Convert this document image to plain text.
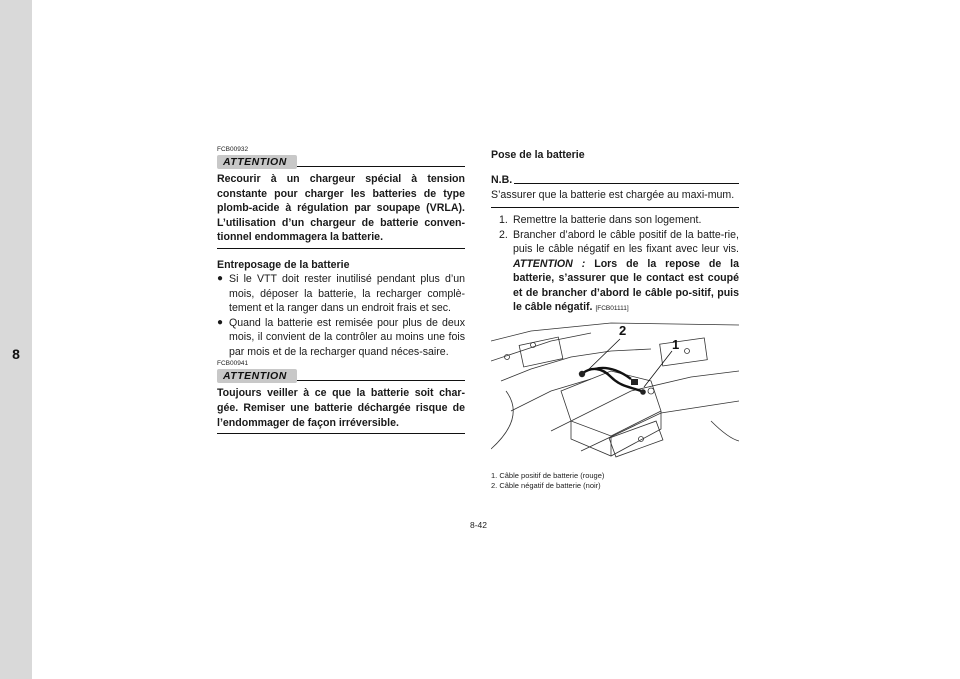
8

FCB00932

ATTENTION

Recourir à un chargeur spécial à tension constante pour charger les batteries de type plomb-acide à régulation par soupape (VRLA). L’utilisation d’un chargeur de batterie conven-tionnel endommagera la batterie.

Entreposage de la batterie

● Si le VTT doit rester inutilisé pendant plus d’un mois, déposer la batterie, la recharger complè-tement et la ranger dans un endroit frais et sec.
● Quand la batterie est remisée pour plus de deux mois, il convient de la contrôler au moins une fois par mois et de la recharger quand néces-saire.

FCB00941

ATTENTION

Toujours veiller à ce que la batterie soit char-gée. Remiser une batterie déchargée risque de l’endommager de façon irréversible.

Pose de la batterie

N.B.

S’assurer que la batterie est chargée au maxi-mum.

1. Remettre la batterie dans son logement.
2. Brancher d’abord le câble positif de la batte-rie, puis le câble négatif en les fixant avec leur vis. ATTENTION : Lors de la repose de la batterie, s’assurer que le contact est coupé et de brancher d’abord le câble po-sitif, puis le câble négatif. [FCB01111]
2
1

1. Câble positif de batterie (rouge)

2. Câble négatif de batterie (noir)

8-42
